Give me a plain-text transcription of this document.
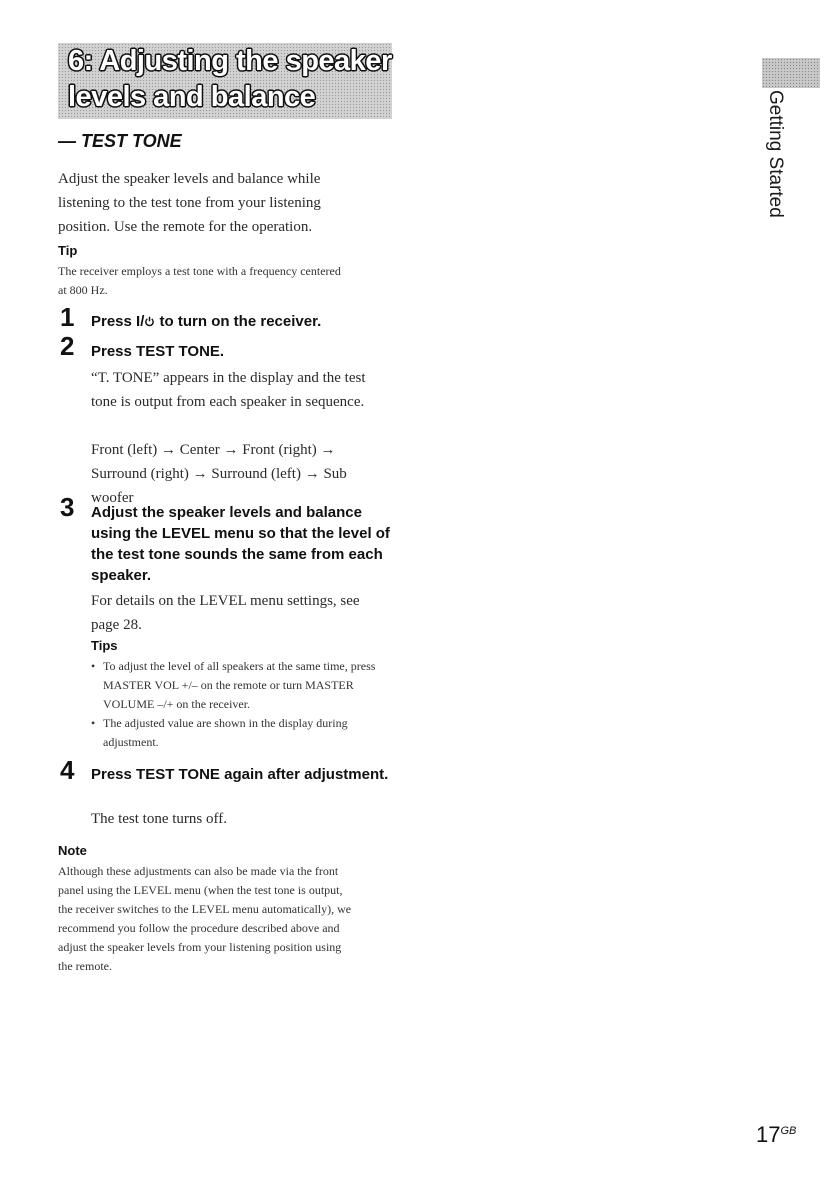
6: Adjusting the speaker
levels and balance
— TEST TONE	Getting Started
Adjust the speaker levels and balance while listening to the test tone from your listening position. Use the remote for the operation.
Tip
The receiver employs a test tone with a frequency centered at 800 Hz.
1 Press I/ to turn on the receiver.
2 Press TEST TONE.
“T. TONE” appears in the display and the test tone is output from each speaker in sequence.
Front (left) → Center → Front (right) → Surround (right) → Surround (left) → Sub woofer
3 Adjust the speaker levels and balance using the LEVEL menu so that the level of the test tone sounds the same from each speaker.
For details on the LEVEL menu settings, see page 28.
Tips
• To adjust the level of all speakers at the same time, press MASTER VOL +/– on the remote or turn MASTER VOLUME –/+ on the receiver.
• The adjusted value are shown in the display during adjustment.
4 Press TEST TONE again after adjustment.
The test tone turns off.
Note
Although these adjustments can also be made via the front panel using the LEVEL menu (when the test tone is output, the receiver switches to the LEVEL menu automatically), we recommend you follow the procedure described above and adjust the speaker levels from your listening position using the remote.
$17^{GB}$
